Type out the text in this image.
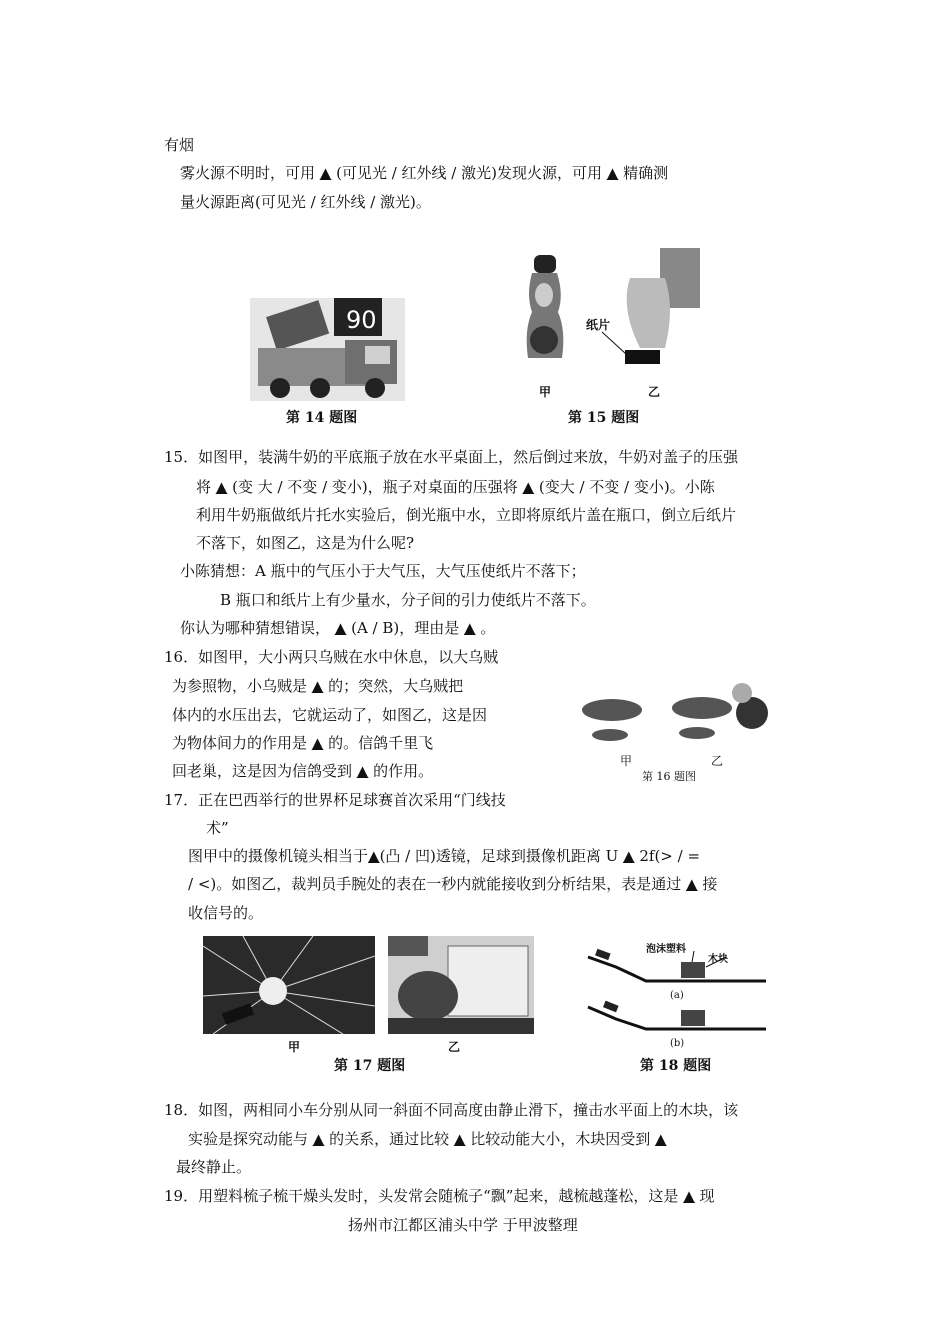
有烟
雾火源不明时，可用 ▲ (可见光 / 红外线 / 激光)发现火源，可用 ▲ 精确测
量火源距离(可见光 / 红外线 / 激光)。
90
第 14 题图
纸片
甲	乙
第 15 题图
15．如图甲，装满牛奶的平底瓶子放在水平桌面上，然后倒过来放，牛奶对盖子的压强
将 ▲ (变 大 / 不变 / 变小)，瓶子对桌面的压强将 ▲ (变大 / 不变 / 变小)。小陈
利用牛奶瓶做纸片托水实验后，倒光瓶中水，立即将原纸片盖在瓶口，倒立后纸片
不落下，如图乙，这是为什么呢?
小陈猜想：A 瓶中的气压小于大气压，大气压使纸片不落下；
B 瓶口和纸片上有少量水，分子间的引力使纸片不落下。
你认为哪种猜想错误， ▲ (A / B)，理由是 ▲ 。
16．如图甲，大小两只乌贼在水中休息，以大乌贼
为参照物，小乌贼是 ▲ 的；突然，大乌贼把
体内的水压出去，它就运动了，如图乙，这是因
为物体间力的作用是 ▲ 的。信鸽千里飞
回老巢，这是因为信鸽受到 ▲ 的作用。
甲	乙
第 16 题图
17．正在巴西举行的世界杯足球赛首次采用“门线技
术”
图甲中的摄像机镜头相当于▲(凸 / 凹)透镜，足球到摄像机距离 U ▲ 2f(> / =
/ <)。如图乙，裁判员手腕处的表在一秒内就能接收到分析结果，表是通过 ▲ 接
收信号的。
甲	乙
第 17 题图
泡沫塑料
木块
(a)
(b)
第 18 题图
18．如图，两相同小车分别从同一斜面不同高度由静止滑下，撞击水平面上的木块，该
实验是探究动能与 ▲ 的关系，通过比较 ▲ 比较动能大小，木块因受到 ▲
最终静止。
19．用塑料梳子梳干燥头发时，头发常会随梳子“飘”起来，越梳越蓬松，这是 ▲ 现
扬州市江都区浦头中学 于甲波整理
